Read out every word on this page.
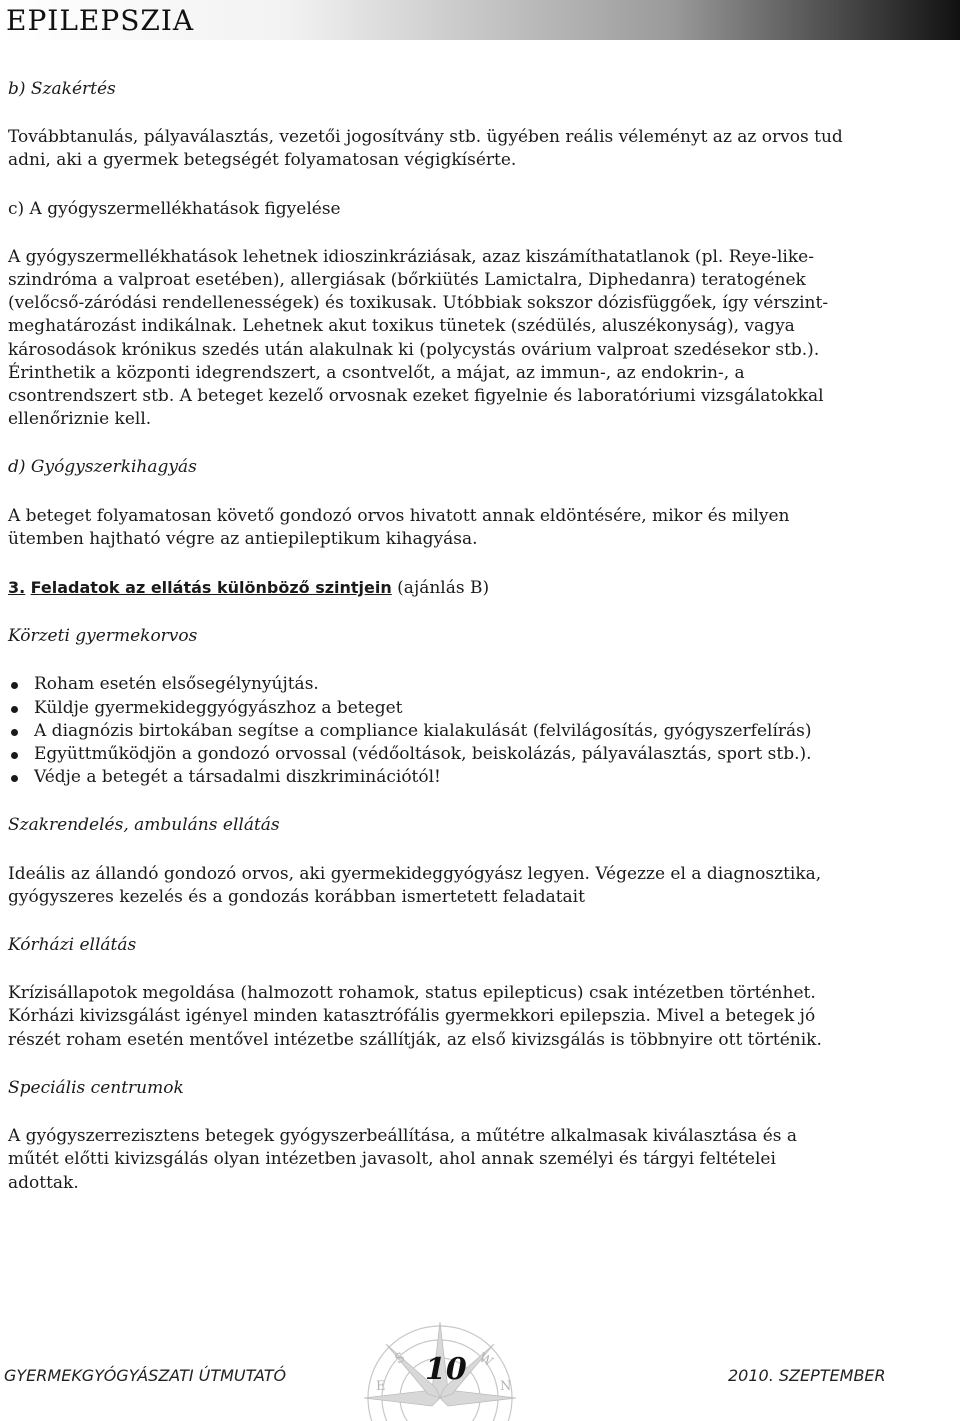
EPILEPSZIA

b) Szakértés

Továbbtanulás, pályaválasztás, vezetői jogosítvány stb. ügyében reális véleményt az az orvos tud adni, aki a gyermek betegségét folyamatosan végigkísérte.

c) A gyógyszermellékhatások figyelése

A gyógyszermellékhatások lehetnek idioszinkráziásak, azaz kiszámíthatatlanok (pl. Reye-like-szindróma a valproat esetében), allergiásak (bőrkiütés Lamictalra, Diphedanra) teratogének (velőcső-záródási rendellenességek) és toxikusak. Utóbbiak sokszor dózisfüggőek, így vérszint-meghatározást indikálnak. Lehetnek akut toxikus tünetek (szédülés, aluszékonyság), vagya károsodások krónikus szedés után alakulnak ki (polycystás ovárium valproat szedésekor stb.). Érinthetik a központi idegrendszert, a csontvelőt, a májat, az immun-, az endokrin-, a csontrendszert stb. A beteget kezelő orvosnak ezeket figyelnie és laboratóriumi vizsgálatokkal ellenőriznie kell.

d) Gyógyszerkihagyás

A beteget folyamatosan követő gondozó orvos hivatott annak eldöntésére, mikor és milyen ütemben hajtható végre az antiepileptikum kihagyása.

3. Feladatok az ellátás különböző szintjein (ajánlás B)

Körzeti gyermekorvos

Roham esetén elsősegélynyújtás.
Küldje gyermekideggyógyászhoz a beteget
A diagnózis birtokában segítse a compliance kialakulását (felvilágosítás, gyógyszerfelírás)
Együttműködjön a gondozó orvossal (védőoltások, beiskolázás, pályaválasztás, sport stb.).
Védje a betegét a társadalmi diszkriminációtól!

Szakrendelés, ambuláns ellátás

Ideális az állandó gondozó orvos, aki gyermekideggyógyász legyen. Végezze el a diagnosztika, gyógyszeres kezelés és a gondozás korábban ismertetett feladatait

Kórházi ellátás

Krízisállapotok megoldása (halmozott rohamok, status epilepticus) csak intézetben történhet. Kórházi kivizsgálást igényel minden katasztrófális gyermekkori epilepszia. Mivel a betegek jó részét roham esetén mentővel intézetbe szállítják, az első kivizsgálás is többnyire ott történik.

Speciális centrumok

A gyógyszerrezisztens betegek gyógyszerbeállítása, a műtétre alkalmasak kiválasztása és a műtét előtti kivizsgálás olyan intézetben javasolt, ahol annak személyi és tárgyi feltételei adottak.

GYERMEKGYÓGYÁSZATI ÚTMUTATÓ
S	W
E	N
10	2010. SZEPTEMBER
